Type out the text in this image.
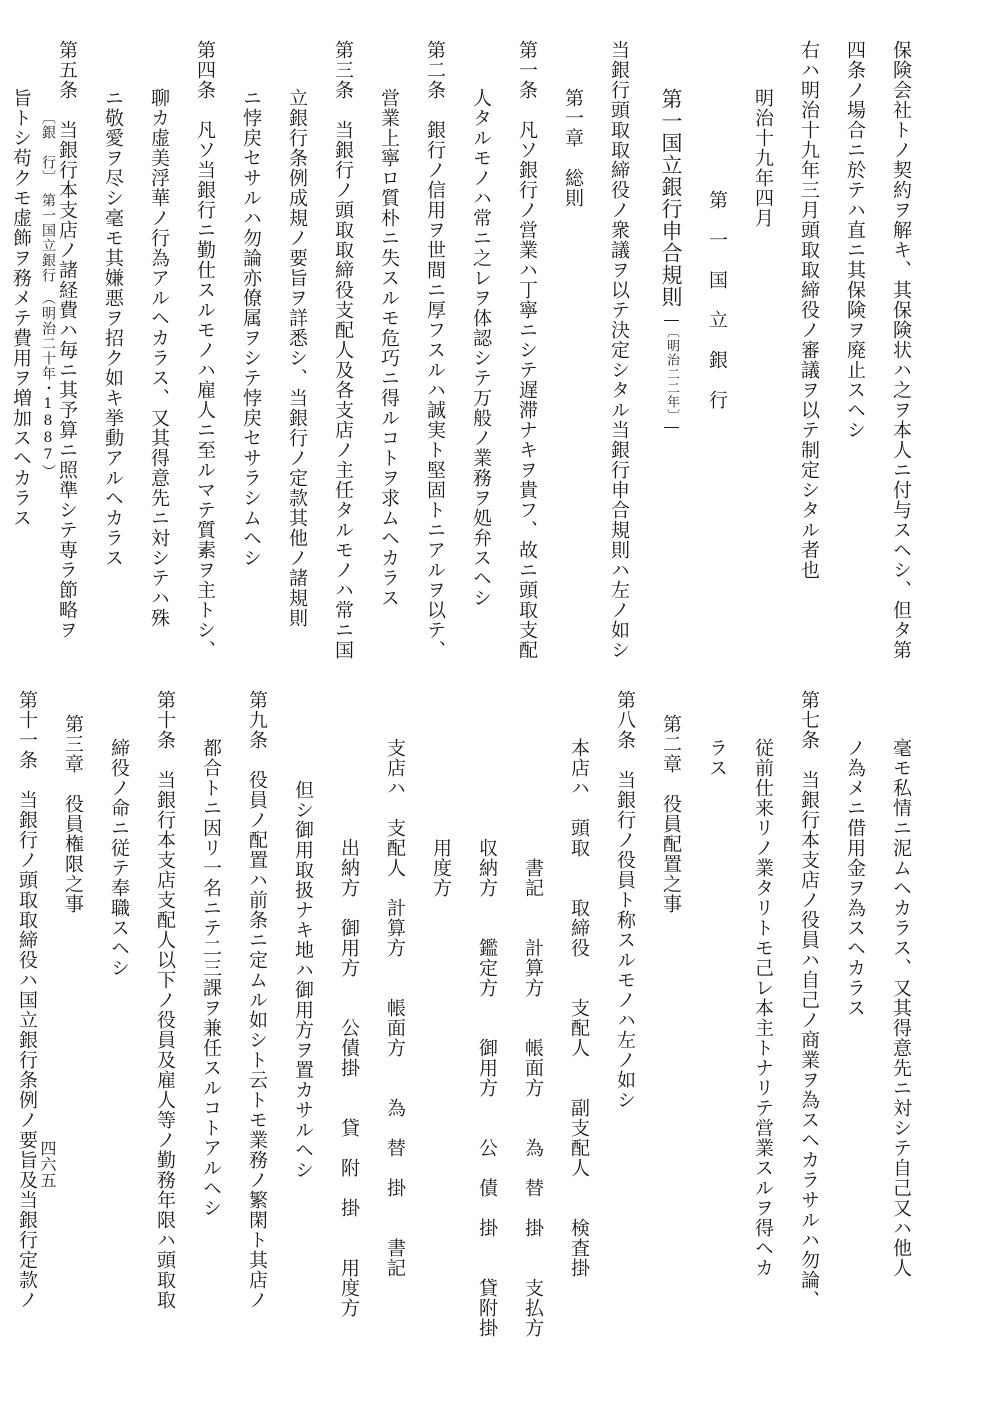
保険会社トノ契約ヲ解キ、其保険状ハ之ヲ本人ニ付与スヘシ、但タ第
四条ノ場合ニ於テハ直ニ其保険ヲ廃止スヘシ
右ハ明治十九年三月頭取取締役ノ審議ヲ以テ制定シタル者也
明治十九年四月
第　一　国　立　銀　行
第一国立銀行申合規則〔明治二二年〕
当銀行頭取取締役ノ衆議ヲ以テ決定シタル当銀行申合規則ハ左ノ如シ
第一章　総則
第一条　凡ソ銀行ノ営業ハ丁寧ニシテ遅滞ナキヲ貴フ、故ニ頭取支配
人タルモノハ常ニ之レヲ体認シテ万般ノ業務ヲ処弁スヘシ
第二条　銀行ノ信用ヲ世間ニ厚フスルハ誠実ト堅固トニアルヲ以テ、
営業上寧ロ質朴ニ失スルモ危巧ニ得ルコトヲ求ムヘカラス
第三条　当銀行ノ頭取取締役支配人及各支店ノ主任タルモノハ常ニ国
立銀行条例成規ノ要旨ヲ詳悉シ、当銀行ノ定款其他ノ諸規則
ニ悖戻セサルハ勿論亦僚属ヲシテ悖戻セサラシムヘシ
第四条　凡ソ当銀行ニ勤仕スルモノハ雇人ニ至ルマテ質素ヲ主トシ、
聊カ虚美浮華ノ行為アルヘカラス、又其得意先ニ対シテハ殊
ニ敬愛ヲ尽シ毫モ其嫌悪ヲ招ク如キ挙動アルヘカラス
第五条　当銀行本支店ノ諸経費ハ毎ニ其予算ニ照準シテ専ラ節略ヲ
旨トシ苟クモ虚飾ヲ務メテ費用ヲ増加スヘカラス
毫モ私情ニ泥ムヘカラス、又其得意先ニ対シテ自己又ハ他人
ノ為メニ借用金ヲ為スヘカラス
第七条　当銀行本支店ノ役員ハ自己ノ商業ヲ為スヘカラサルハ勿論、
従前仕来リノ業タリトモ己レ本主トナリテ営業スルヲ得ヘカ
ラス
第二章　役員配置之事
第八条　当銀行ノ役員ト称スルモノハ左ノ如シ
本店ハ　頭取　　取締役　　支配人　　副支配人　　検査掛
　　　　　　書記　　計算方　　帳面方　　為　替　掛　　支払方
　　　　　収納方　　鑑定方　　御用方　　公　債　掛　　貸附掛
　　　　　用度方
支店ハ　支配人　計算方　　帳面方　　為　替　掛　　書記
　　　　　出納方　御用方　　公債掛　　貸　附　掛　　用度方
但シ御用取扱ナキ地ハ御用方ヲ置カサルヘシ
第九条　役員ノ配置ハ前条ニ定ムル如シト云トモ業務ノ繁閑ト其店ノ
都合トニ因リ一名ニテ二三課ヲ兼任スルコトアルヘシ
第十条　当銀行本支店支配人以下ノ役員及雇人等ノ勤務年限ハ頭取取
締役ノ命ニ従テ奉職スヘシ
第三章　役員権限之事
第十一条　当銀行ノ頭取取締役ハ国立銀行条例ノ要旨及当銀行定款ノ
〔銀　行〕　第一国立銀行　（明治二十年・1887）
四六五
